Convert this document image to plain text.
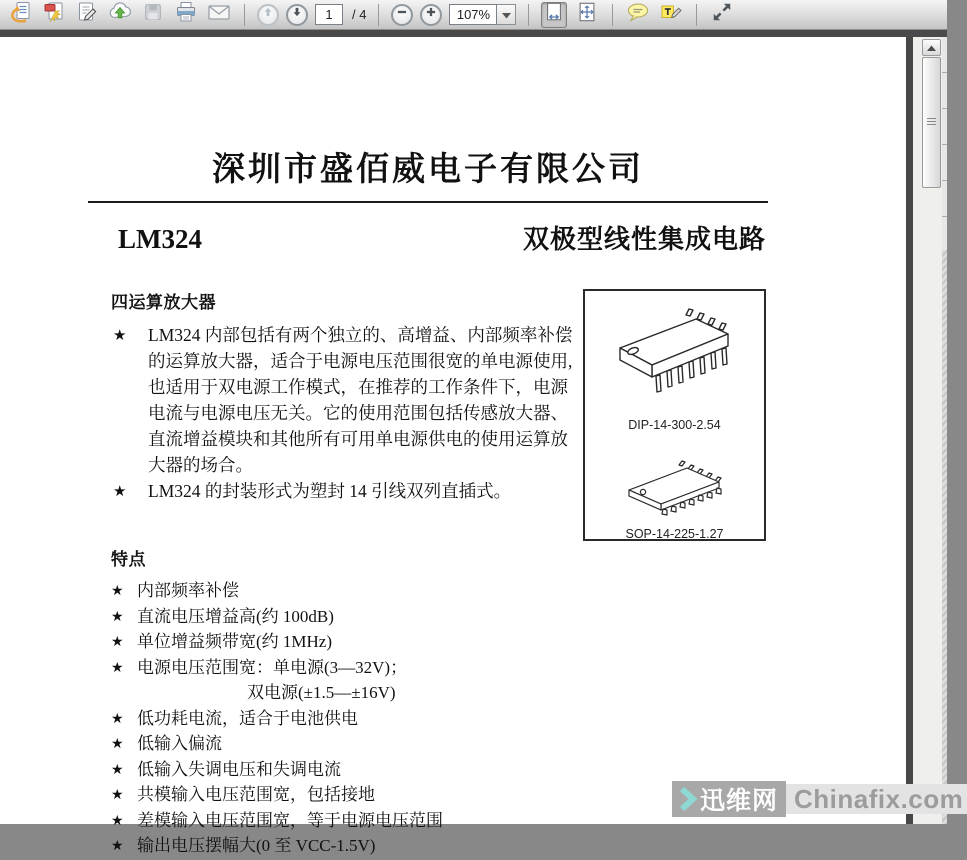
1
/ 4	107%
深圳市盛佰威电子有限公司
LM324	双极型线性集成电路
四运算放大器
★ LM324 内部包括有两个独立的、高增益、内部频率补偿
的运算放大器，适合于电源电压范围很宽的单电源使用,
也适用于双电源工作模式，在推荐的工作条件下，电源
电流与电源电压无关。它的使用范围包括传感放大器、
直流增益模块和其他所有可用单电源供电的使用运算放
大器的场合。
★ LM324 的封装形式为塑封 14 引线双列直插式。
DIP-14-300-2.54
SOP-14-225-1.27
特点
★ 内部频率补偿
★ 直流电压增益高(约 100dB)
★ 单位增益频带宽(约 1MHz)
★ 电源电压范围宽：单电源(3—32V)；
双电源(±1.5—±16V)
★ 低功耗电流，适合于电池供电
★ 低输入偏流
★ 低输入失调电压和失调电流
★ 共模输入电压范围宽，包括接地
★ 差模输入电压范围宽，等于电源电压范围
★ 输出电压摆幅大(0 至 VCC-1.5V)
迅维网 Chinafix.com
